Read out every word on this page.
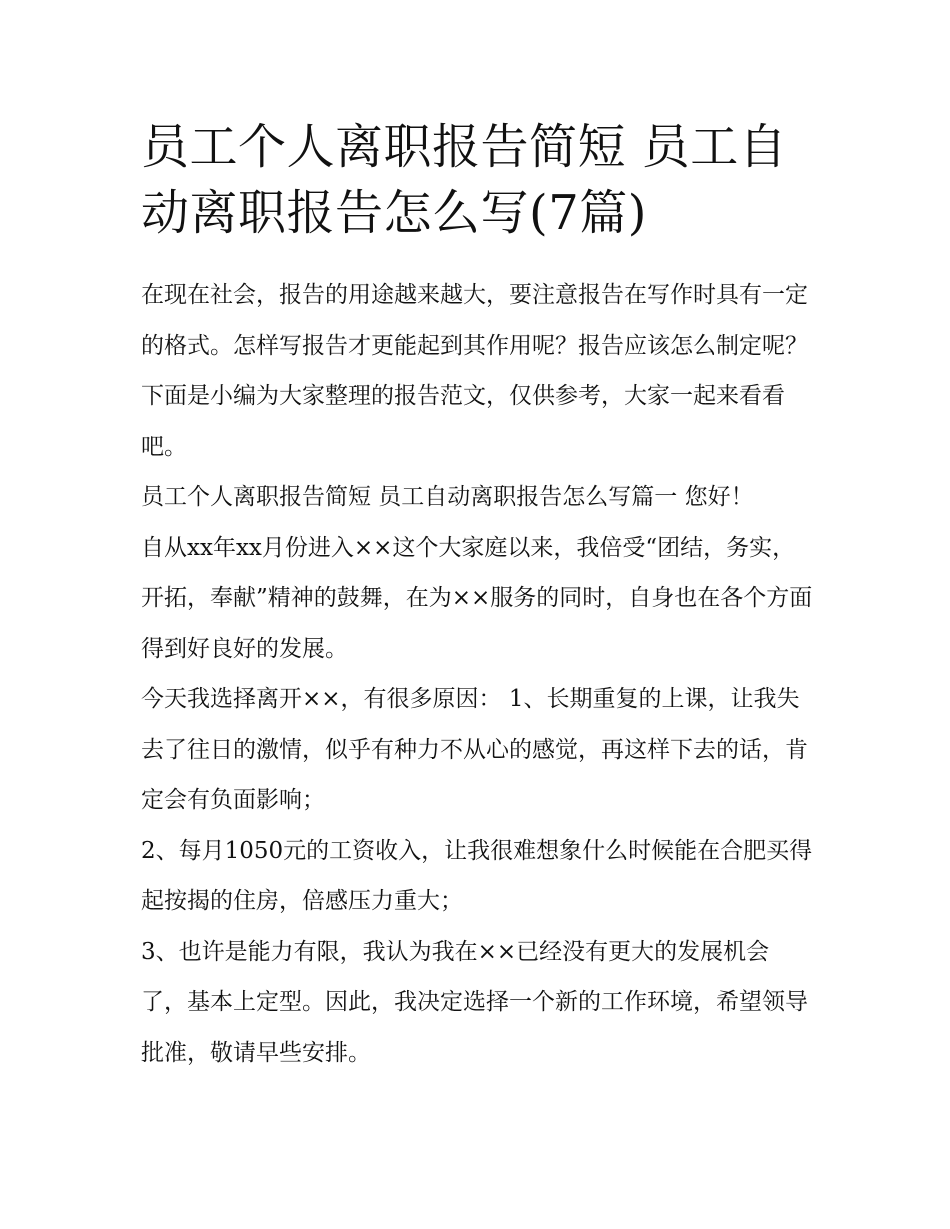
员工个人离职报告简短 员工自动离职报告怎么写(7篇)

在现在社会，报告的用途越来越大，要注意报告在写作时具有一定的格式。怎样写报告才更能起到其作用呢？报告应该怎么制定呢？下面是小编为大家整理的报告范文，仅供参考，大家一起来看看吧。

员工个人离职报告简短 员工自动离职报告怎么写篇一 您好！

自从xx年xx月份进入××这个大家庭以来，我倍受“团结，务实，开拓，奉献”精神的鼓舞，在为××服务的同时，自身也在各个方面得到好良好的发展。

今天我选择离开××，有很多原因： 1、长期重复的上课，让我失去了往日的激情，似乎有种力不从心的感觉，再这样下去的话，肯定会有负面影响；

2、每月1050元的工资收入，让我很难想象什么时候能在合肥买得起按揭的住房，倍感压力重大；

3、也许是能力有限，我认为我在××已经没有更大的发展机会了，基本上定型。因此，我决定选择一个新的工作环境，希望领导批准，敬请早些安排。
